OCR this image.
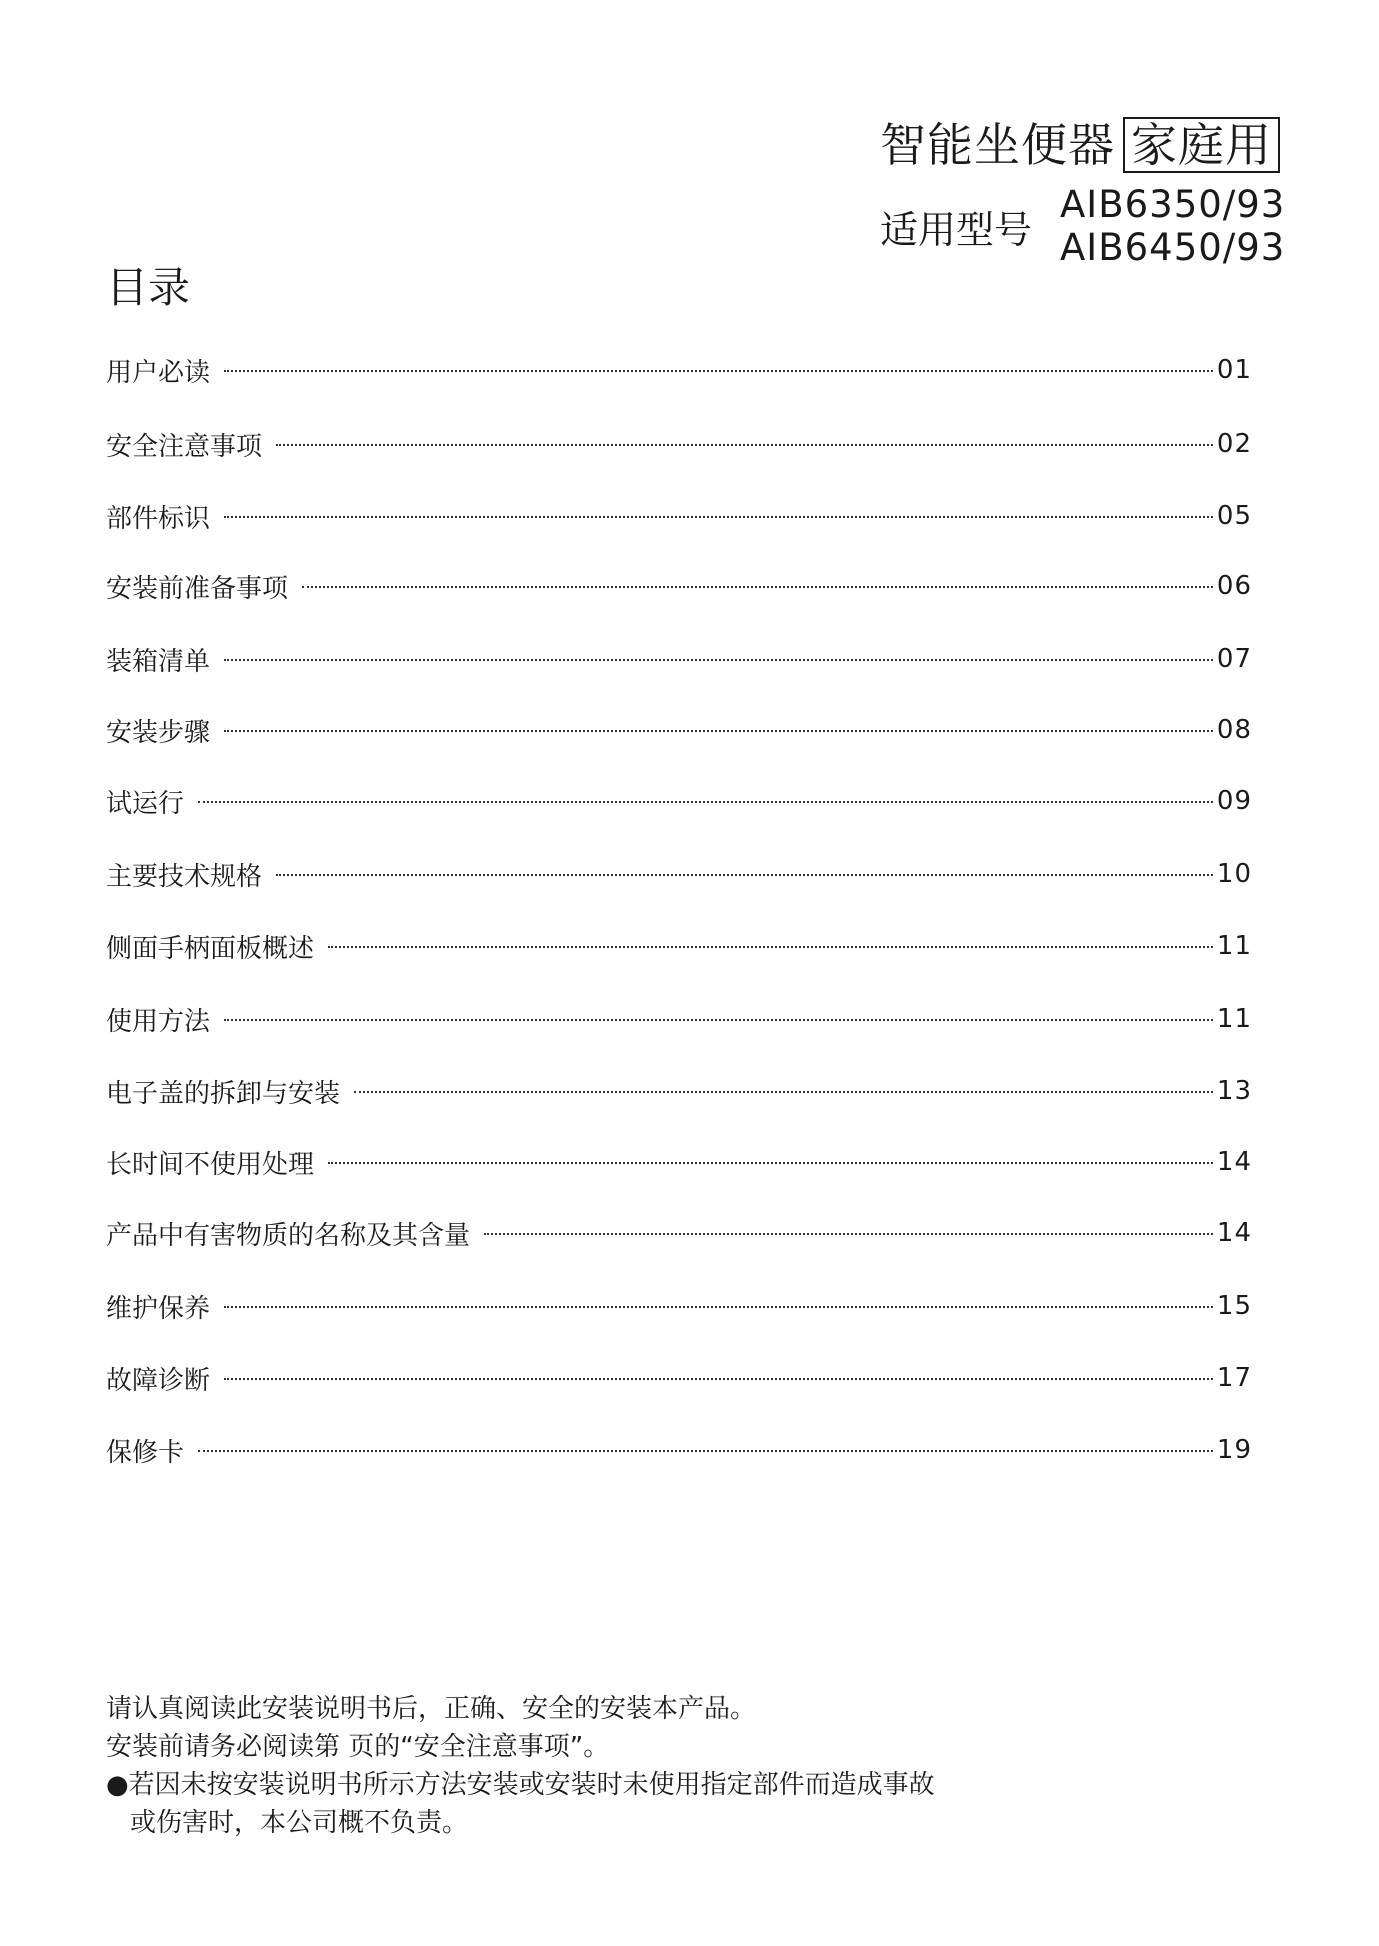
智能坐便器 家庭用
适用型号
AIB6350/93
AIB6450/93
目录
用户必读	01
安全注意事项	02
部件标识	05
安装前准备事项	06
装箱清单	07
安装步骤	08
试运行	09
主要技术规格	10
侧面手柄面板概述	11
使用方法	11
电子盖的拆卸与安装	13
长时间不使用处理	14
产品中有害物质的名称及其含量	14
维护保养	15
故障诊断	17
保修卡	19
请认真阅读此安装说明书后，正确、安全的安装本产品。
安装前请务必阅读第 页的“安全注意事项”。
●若因未按安装说明书所示方法安装或安装时未使用指定部件而造成事故
或伤害时，本公司概不负责。
